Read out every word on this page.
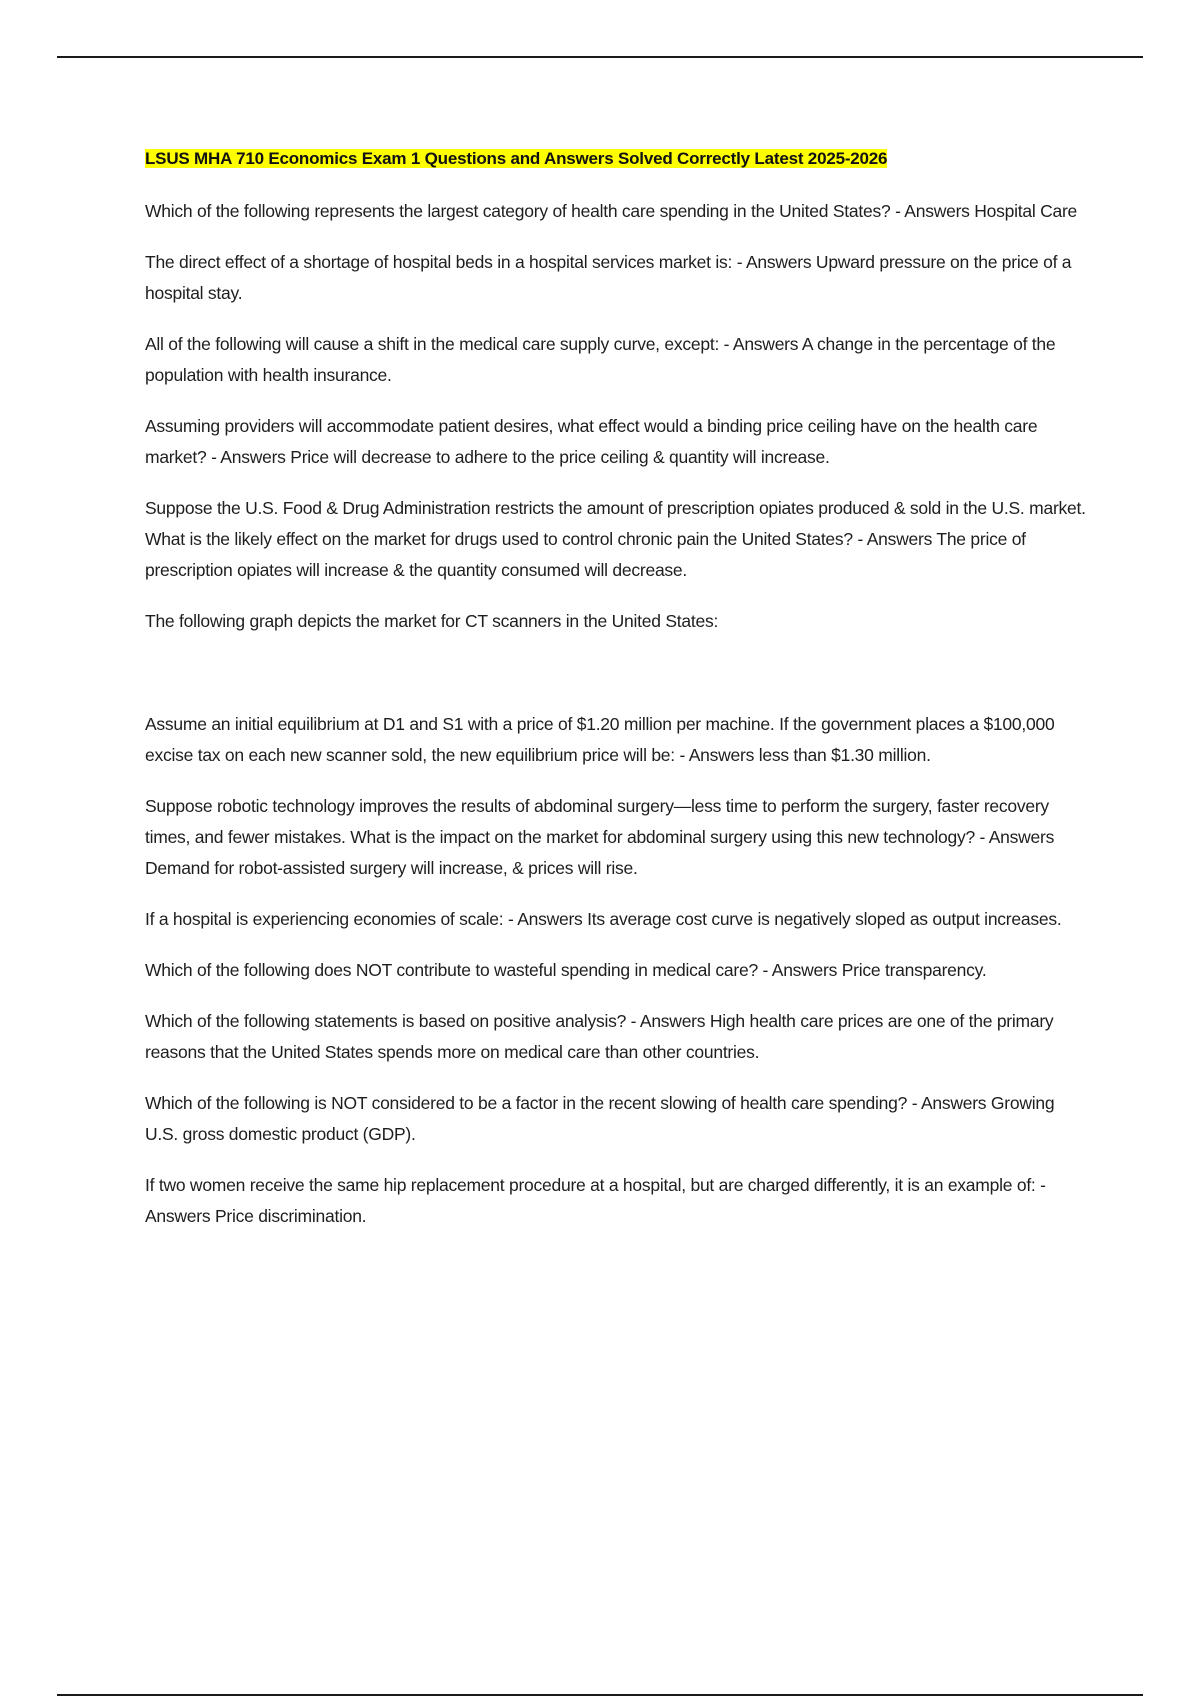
LSUS MHA 710 Economics Exam 1 Questions and Answers Solved Correctly Latest 2025-2026

Which of the following represents the largest category of health care spending in the United States? - Answers Hospital Care

The direct effect of a shortage of hospital beds in a hospital services market is: - Answers Upward pressure on the price of a hospital stay.

All of the following will cause a shift in the medical care supply curve, except: - Answers A change in the percentage of the population with health insurance.

Assuming providers will accommodate patient desires, what effect would a binding price ceiling have on the health care market? - Answers Price will decrease to adhere to the price ceiling & quantity will increase.

Suppose the U.S. Food & Drug Administration restricts the amount of prescription opiates produced & sold in the U.S. market. What is the likely effect on the market for drugs used to control chronic pain the United States? - Answers The price of prescription opiates will increase & the quantity consumed will decrease.

The following graph depicts the market for CT scanners in the United States:

Assume an initial equilibrium at D1 and S1 with a price of $1.20 million per machine. If the government places a $100,000 excise tax on each new scanner sold, the new equilibrium price will be: - Answers less than $1.30 million.

Suppose robotic technology improves the results of abdominal surgery—less time to perform the surgery, faster recovery times, and fewer mistakes. What is the impact on the market for abdominal surgery using this new technology? - Answers Demand for robot-assisted surgery will increase, & prices will rise.

If a hospital is experiencing economies of scale: - Answers Its average cost curve is negatively sloped as output increases.

Which of the following does NOT contribute to wasteful spending in medical care? - Answers Price transparency.

Which of the following statements is based on positive analysis? - Answers High health care prices are one of the primary reasons that the United States spends more on medical care than other countries.

Which of the following is NOT considered to be a factor in the recent slowing of health care spending? - Answers Growing U.S. gross domestic product (GDP).

If two women receive the same hip replacement procedure at a hospital, but are charged differently, it is an example of: - Answers Price discrimination.
